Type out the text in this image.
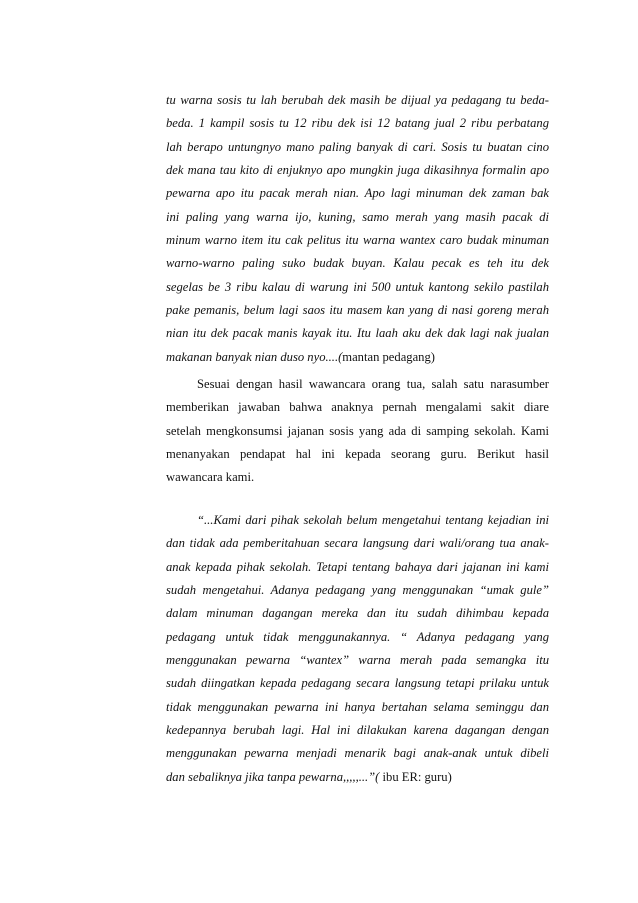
tu warna sosis tu lah berubah dek masih be dijual ya pedagang tu beda-
beda. 1 kampil sosis tu 12 ribu dek isi 12 batang jual 2 ribu perbatang
lah berapo untungnyo mano paling banyak di cari. Sosis tu buatan cino
dek mana tau kito di enjuknyo apo mungkin juga dikasihnya formalin apo
pewarna apo itu pacak merah nian. Apo lagi minuman dek zaman bak
ini paling yang warna ijo, kuning, samo merah yang masih pacak di
minum warno item itu cak pelitus itu warna wantex caro budak minuman
warno-warno paling suko budak buyan. Kalau pecak es teh itu dek
segelas be 3 ribu kalau di warung ini 500 untuk kantong sekilo pastilah
pake pemanis, belum lagi saos itu masem kan yang di nasi goreng merah
nian itu dek pacak manis kayak itu. Itu laah aku dek dak lagi nak jualan
makanan banyak nian duso nyo....(mantan pedagang)
Sesuai dengan hasil wawancara orang tua, salah satu narasumber
memberikan jawaban bahwa anaknya pernah mengalami sakit diare
setelah mengkonsumsi jajanan sosis yang ada di samping sekolah. Kami
menanyakan pendapat hal ini kepada seorang guru. Berikut hasil
wawancara kami.
“...Kami dari pihak sekolah belum mengetahui tentang kejadian ini
dan tidak ada pemberitahuan secara langsung dari wali/orang tua anak-
anak kepada pihak sekolah. Tetapi tentang bahaya dari jajanan ini kami
sudah mengetahui. Adanya pedagang yang menggunakan “umak gule”
dalam minuman dagangan mereka dan itu sudah dihimbau kepada
pedagang untuk tidak menggunakannya. “ Adanya pedagang yang
menggunakan pewarna “wantex” warna merah pada semangka itu
sudah diingatkan kepada pedagang secara langsung tetapi prilaku untuk
tidak menggunakan pewarna ini hanya bertahan selama seminggu dan
kedepannya berubah lagi. Hal ini dilakukan karena dagangan dengan
menggunakan pewarna menjadi menarik bagi anak-anak untuk dibeli
dan sebaliknya jika tanpa pewarna,,,,,...”( ibu ER: guru)
